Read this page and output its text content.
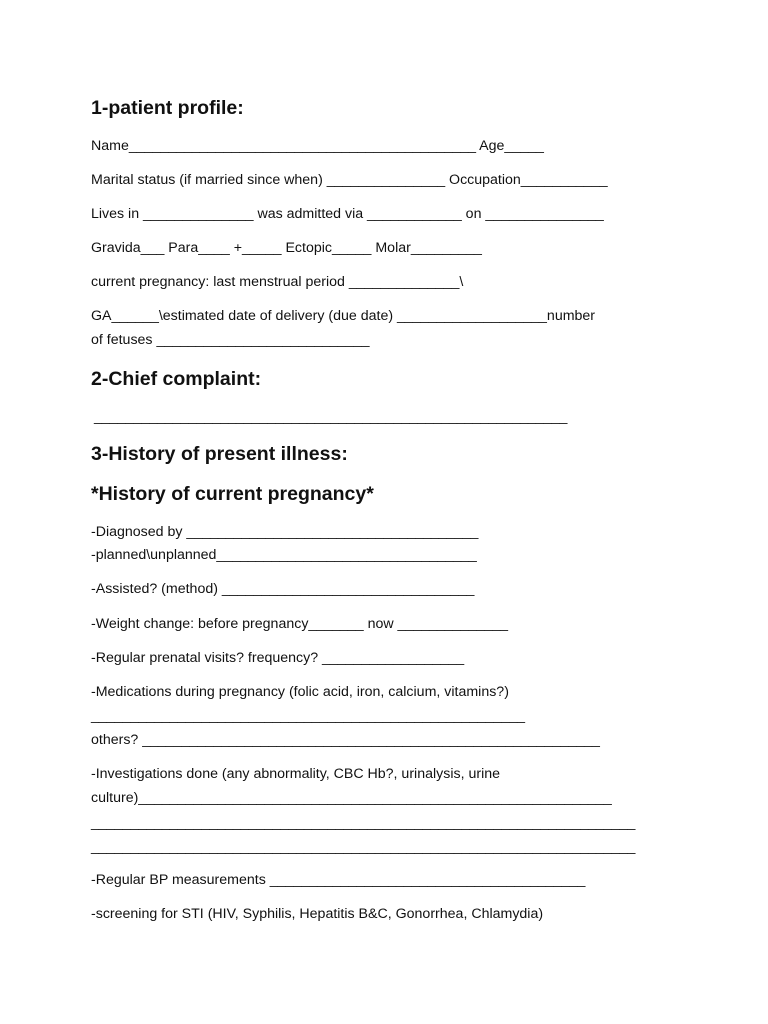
1-patient profile:
Name____________________________________________ Age_____
Marital status (if married since when) _______________ Occupation___________
Lives in ______________ was admitted via ____________ on _______________
Gravida___ Para____ +_____ Ectopic_____ Molar_________
current pregnancy: last menstrual period ______________\
GA______\estimated date of delivery (due date) ___________________number
of fetuses ___________________________
2-Chief complaint:
____________________________________________________________
3-History of present illness:
*History of current pregnancy*
-Diagnosed by _____________________________________
-planned\unplanned_________________________________
-Assisted? (method) ________________________________
-Weight change: before pregnancy_______ now ______________
-Regular prenatal visits? frequency? __________________
-Medications during pregnancy (folic acid, iron, calcium, vitamins?)
_______________________________________________________
others? __________________________________________________________
-Investigations done (any abnormality, CBC Hb?, urinalysis, urine
culture)____________________________________________________________
_____________________________________________________________________
_____________________________________________________________________
-Regular BP measurements ________________________________________
-screening for STI (HIV, Syphilis, Hepatitis B&C, Gonorrhea, Chlamydia)
